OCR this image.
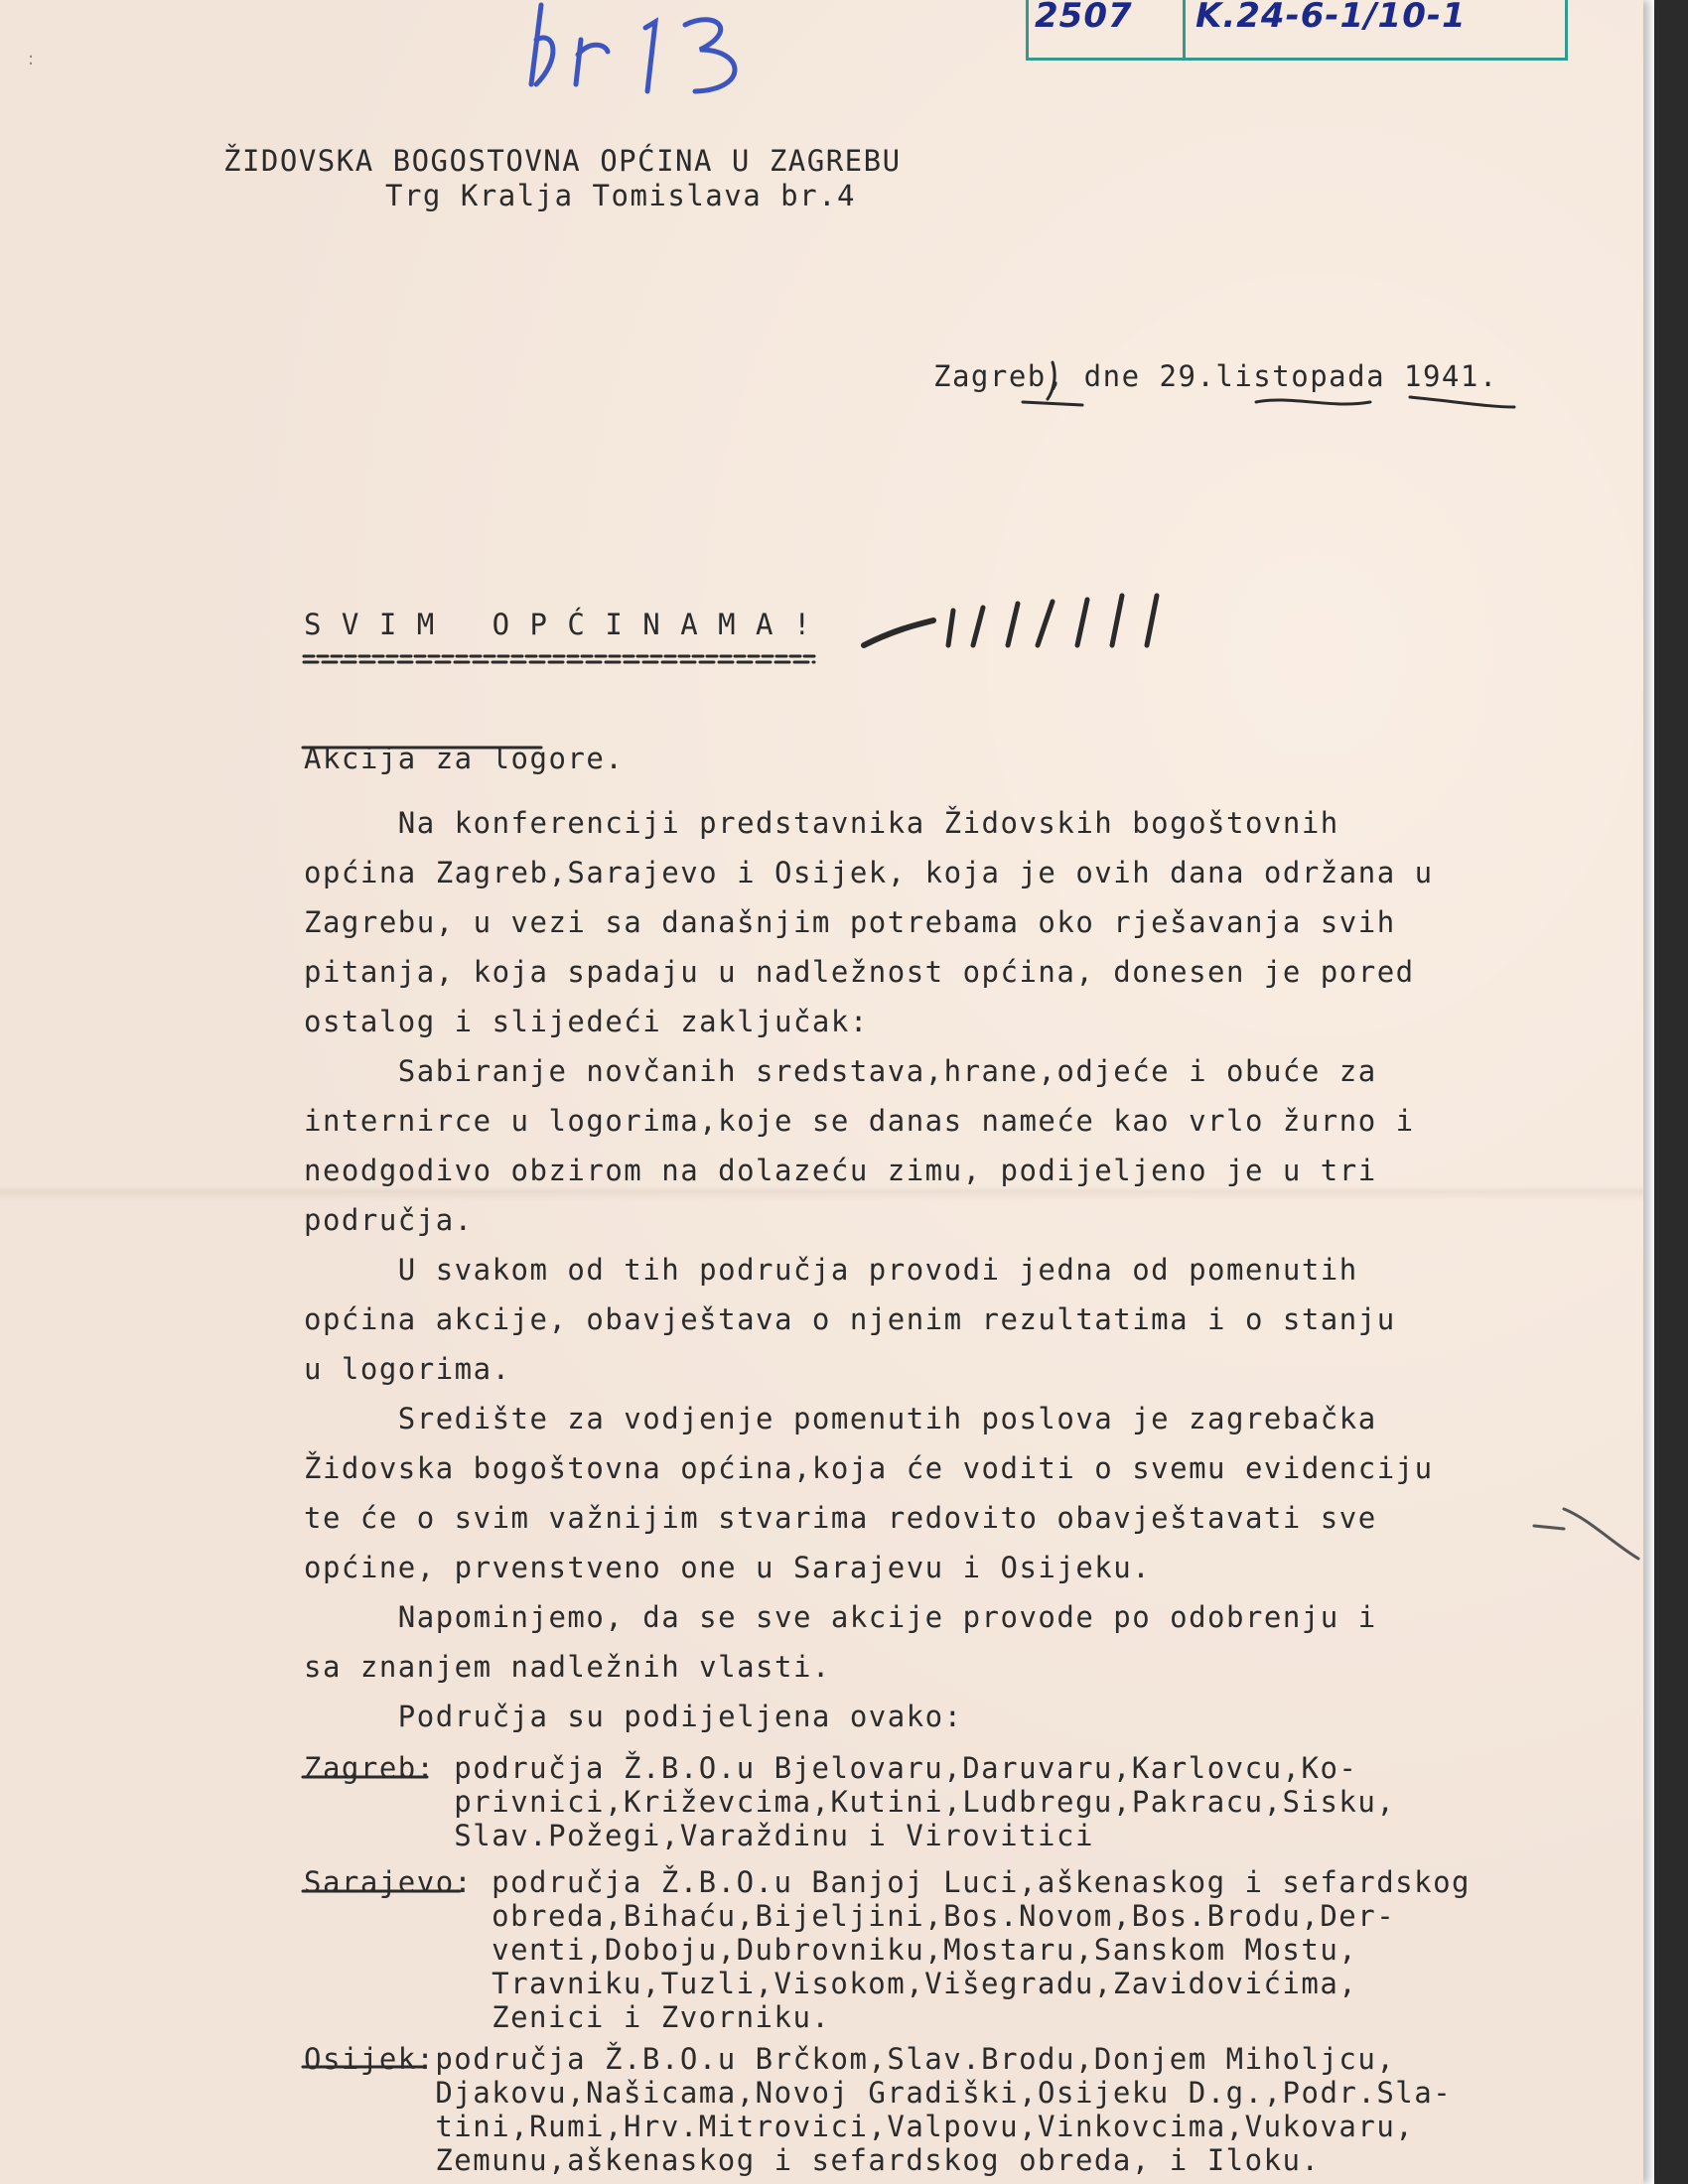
2507 K.24-6-1/10-1
:
ŽIDOVSKA BOGOSTOVNA OPĆINA U ZAGREBU
Trg Kralja Tomislava br.4
Zagreb, dne 29.listopada 1941.
S V I M   O P Ć I N A M A !
Akcija za logore.
Na konferenciji predstavnika Židovskih bogoštovnih
općina Zagreb,Sarajevo i Osijek, koja je ovih dana održana u
Zagrebu, u vezi sa današnjim potrebama oko rješavanja svih
pitanja, koja spadaju u nadležnost općina, donesen je pored
ostalog i slijedeći zaključak:
Sabiranje novčanih sredstava,hrane,odjeće i obuće za
internirce u logorima,koje se danas nameće kao vrlo žurno i
neodgodivo obzirom na dolazeću zimu, podijeljeno je u tri
područja.
U svakom od tih područja provodi jedna od pomenutih
općina akcije, obavještava o njenim rezultatima i o stanju
u logorima.
Središte za vodjenje pomenutih poslova je zagrebačka
Židovska bogoštovna općina,koja će voditi o svemu evidenciju
te će o svim važnijim stvarima redovito obavještavati sve
općine, prvenstveno one u Sarajevu i Osijeku.
Napominjemo, da se sve akcije provode po odobrenju i
sa znanjem nadležnih vlasti.
Područja su podijeljena ovako:
Zagreb : područja Ž.B.O.u Bjelovaru,Daruvaru,Karlovcu,Ko-
privnici,Križevcima,Kutini,Ludbregu,Pakracu,Sisku,
Slav.Požegi,Varaždinu i Virovitici
Sarajevo : područja Ž.B.O.u Banjoj Luci,aškenaskog i sefardskog
obreda,Bihaću,Bijeljini,Bos.Novom,Bos.Brodu,Der-
venti,Doboju,Dubrovniku,Mostaru,Sanskom Mostu,
Travniku,Tuzli,Visokom,Višegradu,Zavidovićima,
Zenici i Zvorniku.
Osijek :područja Ž.B.O.u Brčkom,Slav.Brodu,Donjem Miholjcu,
Djakovu,Našicama,Novoj Gradiški,Osijeku D.g.,Podr.Sla-
tini,Rumi,Hrv.Mitrovici,Valpovu,Vinkovcima,Vukovaru,
Zemunu,aškenaskog i sefardskog obreda, i Iloku.
